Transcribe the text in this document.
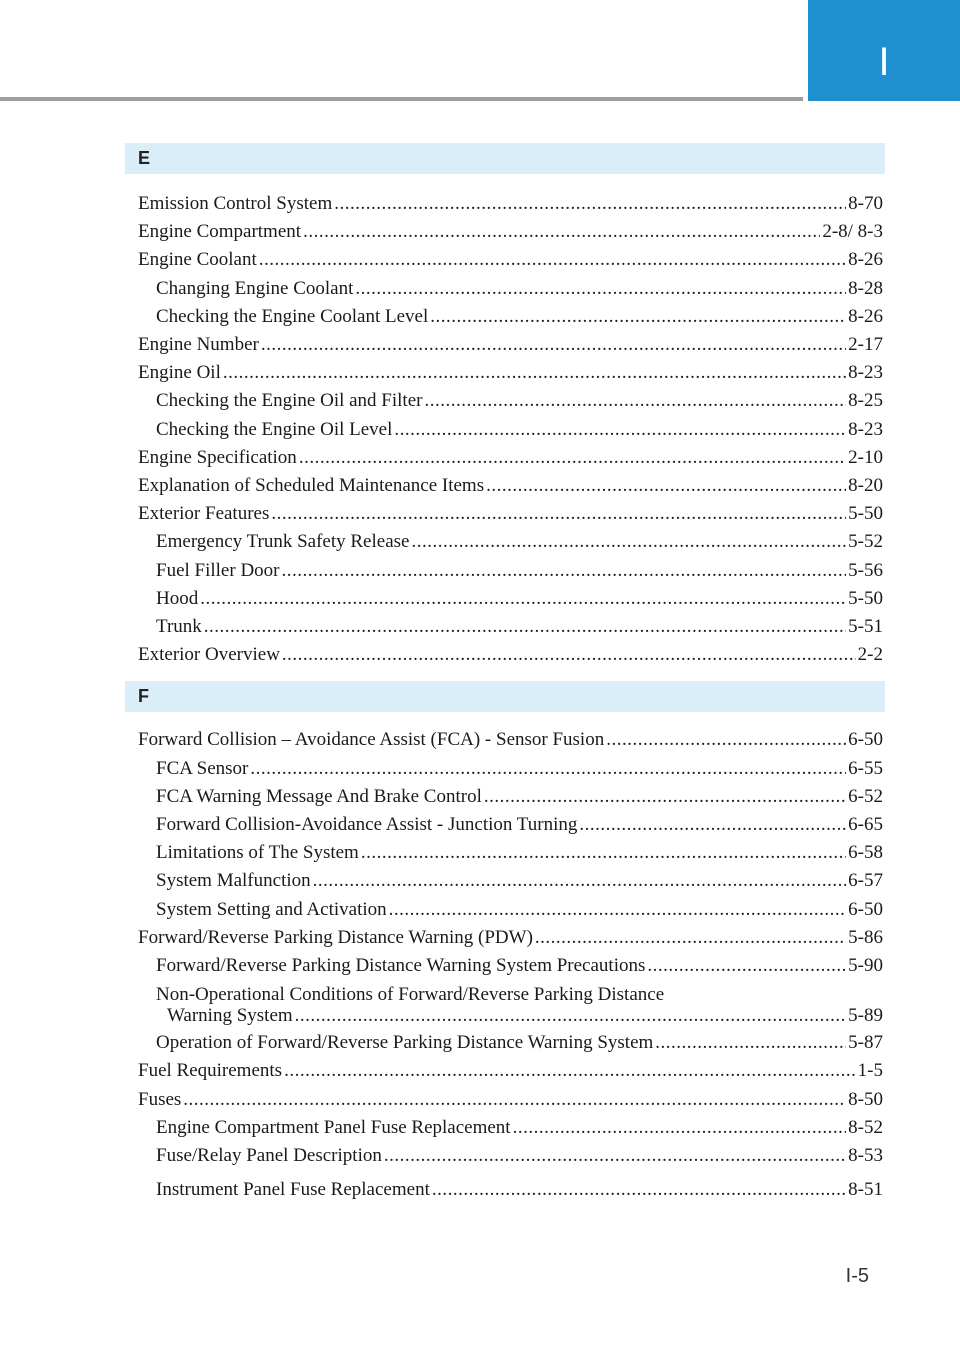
I
E
Emission Control System .....	8-70
Engine Compartment .....	2-8/ 8-3
Engine Coolant .....	8-26
Changing Engine Coolant .....	8-28
Checking the Engine Coolant Level .....	8-26
Engine Number .....	2-17
Engine Oil .....	8-23
Checking the Engine Oil and Filter .....	8-25
Checking the Engine Oil Level .....	8-23
Engine Specification .....	2-10
Explanation of Scheduled Maintenance Items .....	8-20
Exterior Features .....	5-50
Emergency Trunk Safety Release .....	5-52
Fuel Filler Door .....	5-56
Hood .....	5-50
Trunk .....	5-51
Exterior Overview .....	2-2
F
Forward Collision – Avoidance Assist (FCA) - Sensor Fusion .....	6-50
FCA Sensor .....	6-55
FCA Warning Message And Brake Control .....	6-52
Forward Collision-Avoidance Assist - Junction Turning .....	6-65
Limitations of The System .....	6-58
System Malfunction .....	6-57
System Setting and Activation .....	6-50
Forward/Reverse Parking Distance Warning (PDW) .....	5-86
Forward/Reverse Parking Distance Warning System Precautions .....	5-90
Non-Operational Conditions of Forward/Reverse Parking Distance
Warning System .....	5-89
Operation of Forward/Reverse Parking Distance Warning System .....	5-87
Fuel Requirements .....	1-5
Fuses .....	8-50
Engine Compartment Panel Fuse Replacement .....	8-52
Fuse/Relay Panel Description .....	8-53
Instrument Panel Fuse Replacement .....	8-51
I-5
